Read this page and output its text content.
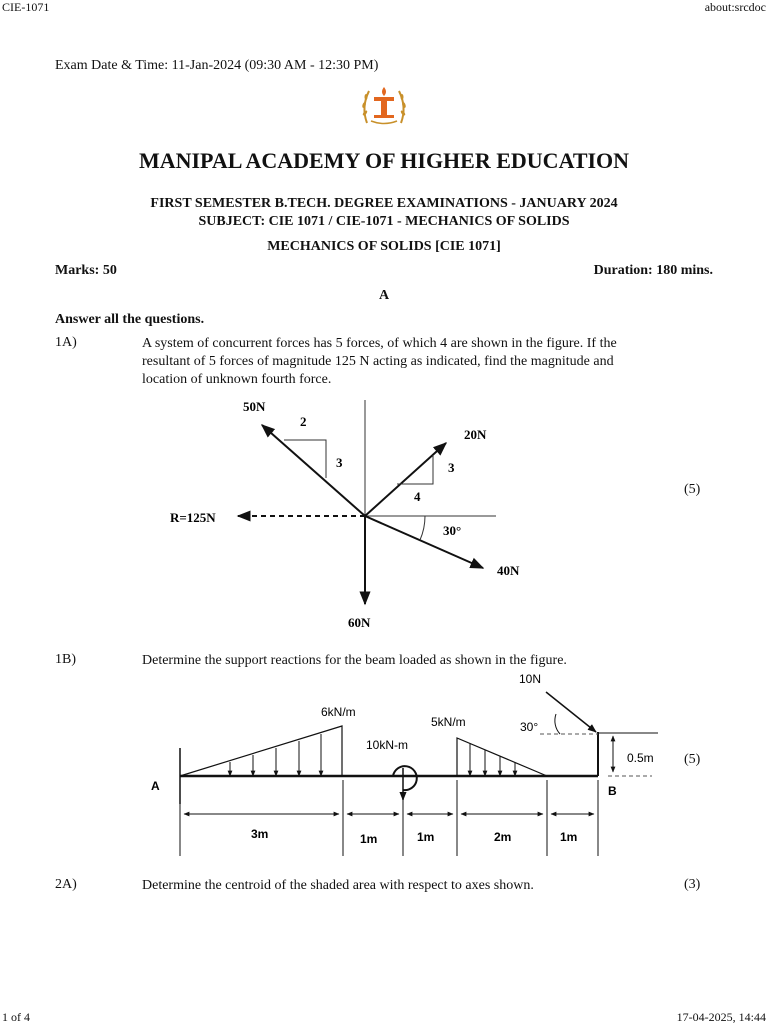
CIE-1071	about:srcdoc
1 of 4	17-04-2025, 14:44
Exam Date & Time: 11-Jan-2024 (09:30 AM - 12:30 PM)
MANIPAL ACADEMY OF HIGHER EDUCATION
FIRST SEMESTER B.TECH. DEGREE EXAMINATIONS - JANUARY 2024
SUBJECT: CIE 1071 / CIE-1071 - MECHANICS OF SOLIDS
MECHANICS OF SOLIDS [CIE 1071]
Marks: 50	Duration: 180 mins.
A
Answer all the questions.
1A)	A system of concurrent forces has 5 forces, of which 4 are shown in the figure. If the resultant of 5 forces of magnitude 125 N acting as indicated, find the magnitude and location of unknown fourth force.
(5)
50N
20N
40N
60N
R=125N
2
3	3
4
30°
1B)	Determine the support reactions for the beam loaded as shown in the figure.
(5)
A	B
6kN/m
5kN/m
10kN-m
10N
30°
0.5m
3m	1m	1m	2m	1m
2A)	Determine the centroid of the shaded area with respect to axes shown.	(3)
